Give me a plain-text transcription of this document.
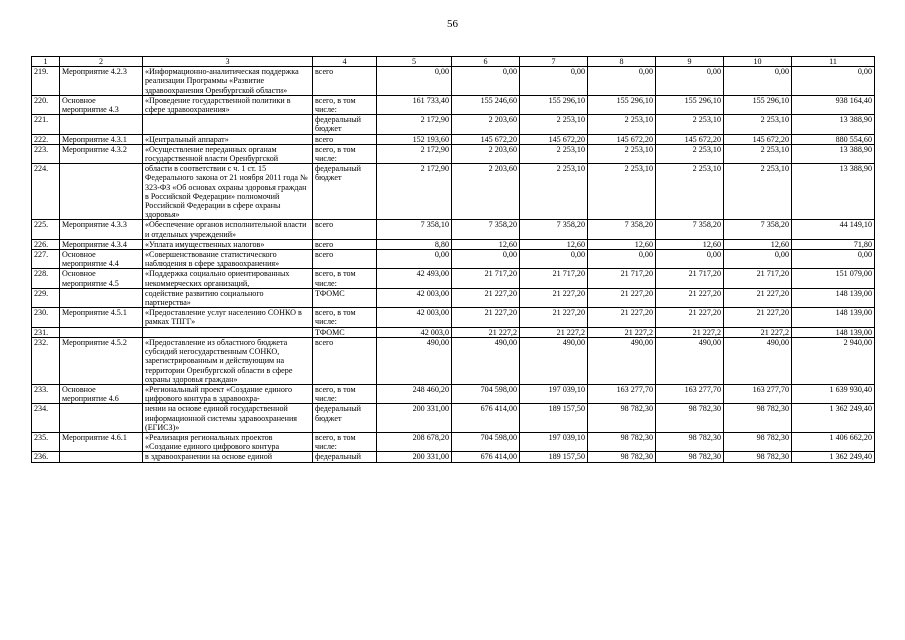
56
1	2	3	4	5	6	7	8	9	10	11
219.	Мероприятие 4.2.3	«Информационно-аналитическая поддержка реализации Программы «Развитие здравоохранения Оренбургской области»	всего	0,00	0,00	0,00	0,00	0,00	0,00	0,00
220.	Основное мероприятие 4.3	«Проведение государственной политики в сфере здравоохранения»	всего, в том числе:	161 733,40	155 246,60	155 296,10	155 296,10	155 296,10	155 296,10	938 164,40
221.			федеральный бюджет	2 172,90	2 203,60	2 253,10	2 253,10	2 253,10	2 253,10	13 388,90
222.	Мероприятие 4.3.1	«Центральный аппарат»	всего	152 193,60	145 672,20	145 672,20	145 672,20	145 672,20	145 672,20	880 554,60
223.	Мероприятие 4.3.2	«Осуществление переданных органам государственной власти Оренбургской	всего, в том числе:	2 172,90	2 203,60	2 253,10	2 253,10	2 253,10	2 253,10	13 388,90
224.		области в соответствии с ч. 1 ст. 15 Федерального закона от 21 ноября 2011 года № 323-ФЗ «Об основах охраны здоровья граждан в Российской Федерации» полномочий Российской Федерации в сфере охраны здоровья»	федеральный бюджет	2 172,90	2 203,60	2 253,10	2 253,10	2 253,10	2 253,10	13 388,90
225.	Мероприятие 4.3.3	«Обеспечение органов исполнительной власти и отдельных учреждений»	всего	7 358,10	7 358,20	7 358,20	7 358,20	7 358,20	7 358,20	44 149,10
226.	Мероприятие 4.3.4	«Уплата имущественных налогов»	всего	8,80	12,60	12,60	12,60	12,60	12,60	71,80
227.	Основное мероприятие 4.4	«Совершенствование статистического наблюдения в сфере здравоохранения»	всего	0,00	0,00	0,00	0,00	0,00	0,00	0,00
228.	Основное мероприятие 4.5	«Поддержка социально ориентированных некоммерческих организаций,	всего, в том числе:	42 493,00	21 717,20	21 717,20	21 717,20	21 717,20	21 717,20	151 079,00
229.		содействие развитию социального партнерства»	ТФОМС	42 003,00	21 227,20	21 227,20	21 227,20	21 227,20	21 227,20	148 139,00
230.	Мероприятие 4.5.1	«Предоставление услуг населению СОНКО в рамках ТПГГ»	всего, в том числе:	42 003,00	21 227,20	21 227,20	21 227,20	21 227,20	21 227,20	148 139,00
231.			ТФОМС	42 003,0	21 227,2	21 227,2	21 227,2	21 227,2	21 227,2	148 139,00
232.	Мероприятие 4.5.2	«Предоставление из областного бюджета субсидий негосударственным СОНКО, зарегистрированным и действующим на территории Оренбургской области в сфере охраны здоровья граждан»	всего	490,00	490,00	490,00	490,00	490,00	490,00	2 940,00
233.	Основное мероприятие 4.6	«Региональный проект «Создание единого цифрового контура в здравоохра-	всего, в том числе:	248 460,20	704 598,00	197 039,10	163 277,70	163 277,70	163 277,70	1 639 930,40
234.		нении на основе единой государственной информационной системы здравоохранения (ЕГИСЗ)»	федеральный бюджет	200 331,00	676 414,00	189 157,50	98 782,30	98 782,30	98 782,30	1 362 249,40
235.	Мероприятие 4.6.1	«Реализация региональных проектов «Создание единого цифрового контура	всего, в том числе:	208 678,20	704 598,00	197 039,10	98 782,30	98 782,30	98 782,30	1 406 662,20
236.		в здравоохранении на основе единой	федеральный	200 331,00	676 414,00	189 157,50	98 782,30	98 782,30	98 782,30	1 362 249,40
